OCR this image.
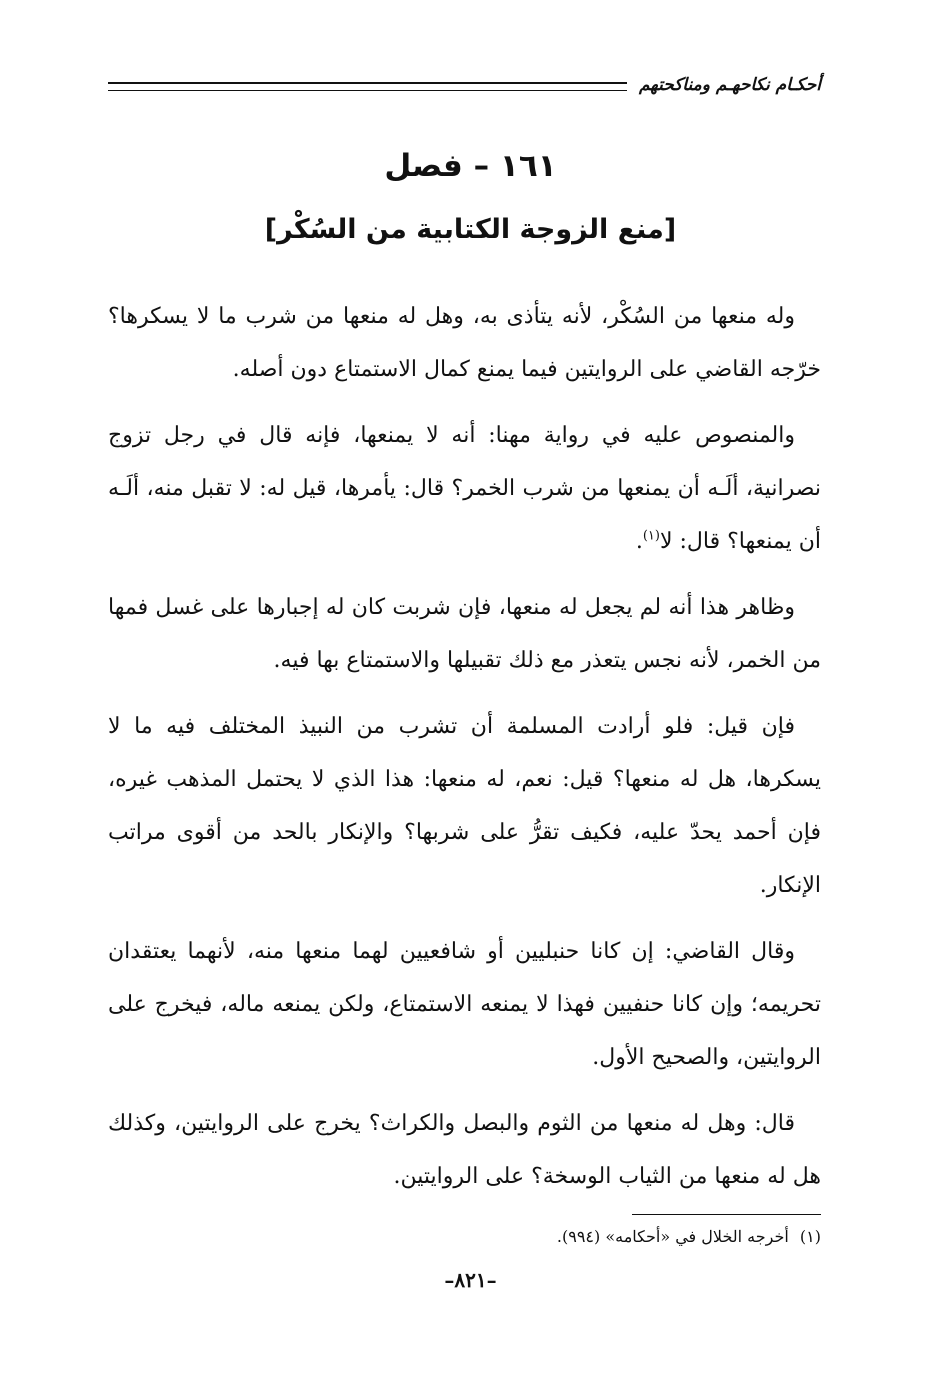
أحكـام نكاحهـم ومناكحتهم
١٦١ – فصل
[منع الزوجة الكتابية من السُكْر]

وله منعها من السُكْر، لأنه يتأذى به، وهل له منعها من شرب ما لا يسكرها؟ خرّجه القاضي على الروايتين فيما يمنع كمال الاستمتاع دون أصله.

والمنصوص عليه في رواية مهنا: أنه لا يمنعها، فإنه قال في رجل تزوج نصرانية، ألَـه أن يمنعها من شرب الخمر؟ قال: يأمرها، قيل له: لا تقبل منه، ألَـه أن يمنعها؟ قال: لا$^{(١)}$.

وظاهر هذا أنه لم يجعل له منعها، فإن شربت كان له إجبارها على غسل فمها من الخمر، لأنه نجس يتعذر مع ذلك تقبيلها والاستمتاع بها فيه.

فإن قيل: فلو أرادت المسلمة أن تشرب من النبيذ المختلف فيه ما لا يسكرها، هل له منعها؟ قيل: نعم، له منعها: هذا الذي لا يحتمل المذهب غيره، فإن أحمد يحدّ عليه، فكيف تقرُّ على شربها؟ والإنكار بالحد من أقوى مراتب الإنكار.

وقال القاضي: إن كانا حنبليين أو شافعيين لهما منعها منه، لأنهما يعتقدان تحريمه؛ وإن كانا حنفيين فهذا لا يمنعه الاستمتاع، ولكن يمنعه ماله، فيخرج على الروايتين، والصحيح الأول.

قال: وهل له منعها من الثوم والبصل والكراث؟ يخرج على الروايتين، وكذلك هل له منعها من الثياب الوسخة؟ على الروايتين.

(١) أخرجه الخلال في «أحكامه» (٩٩٤).
–٨٢١–
